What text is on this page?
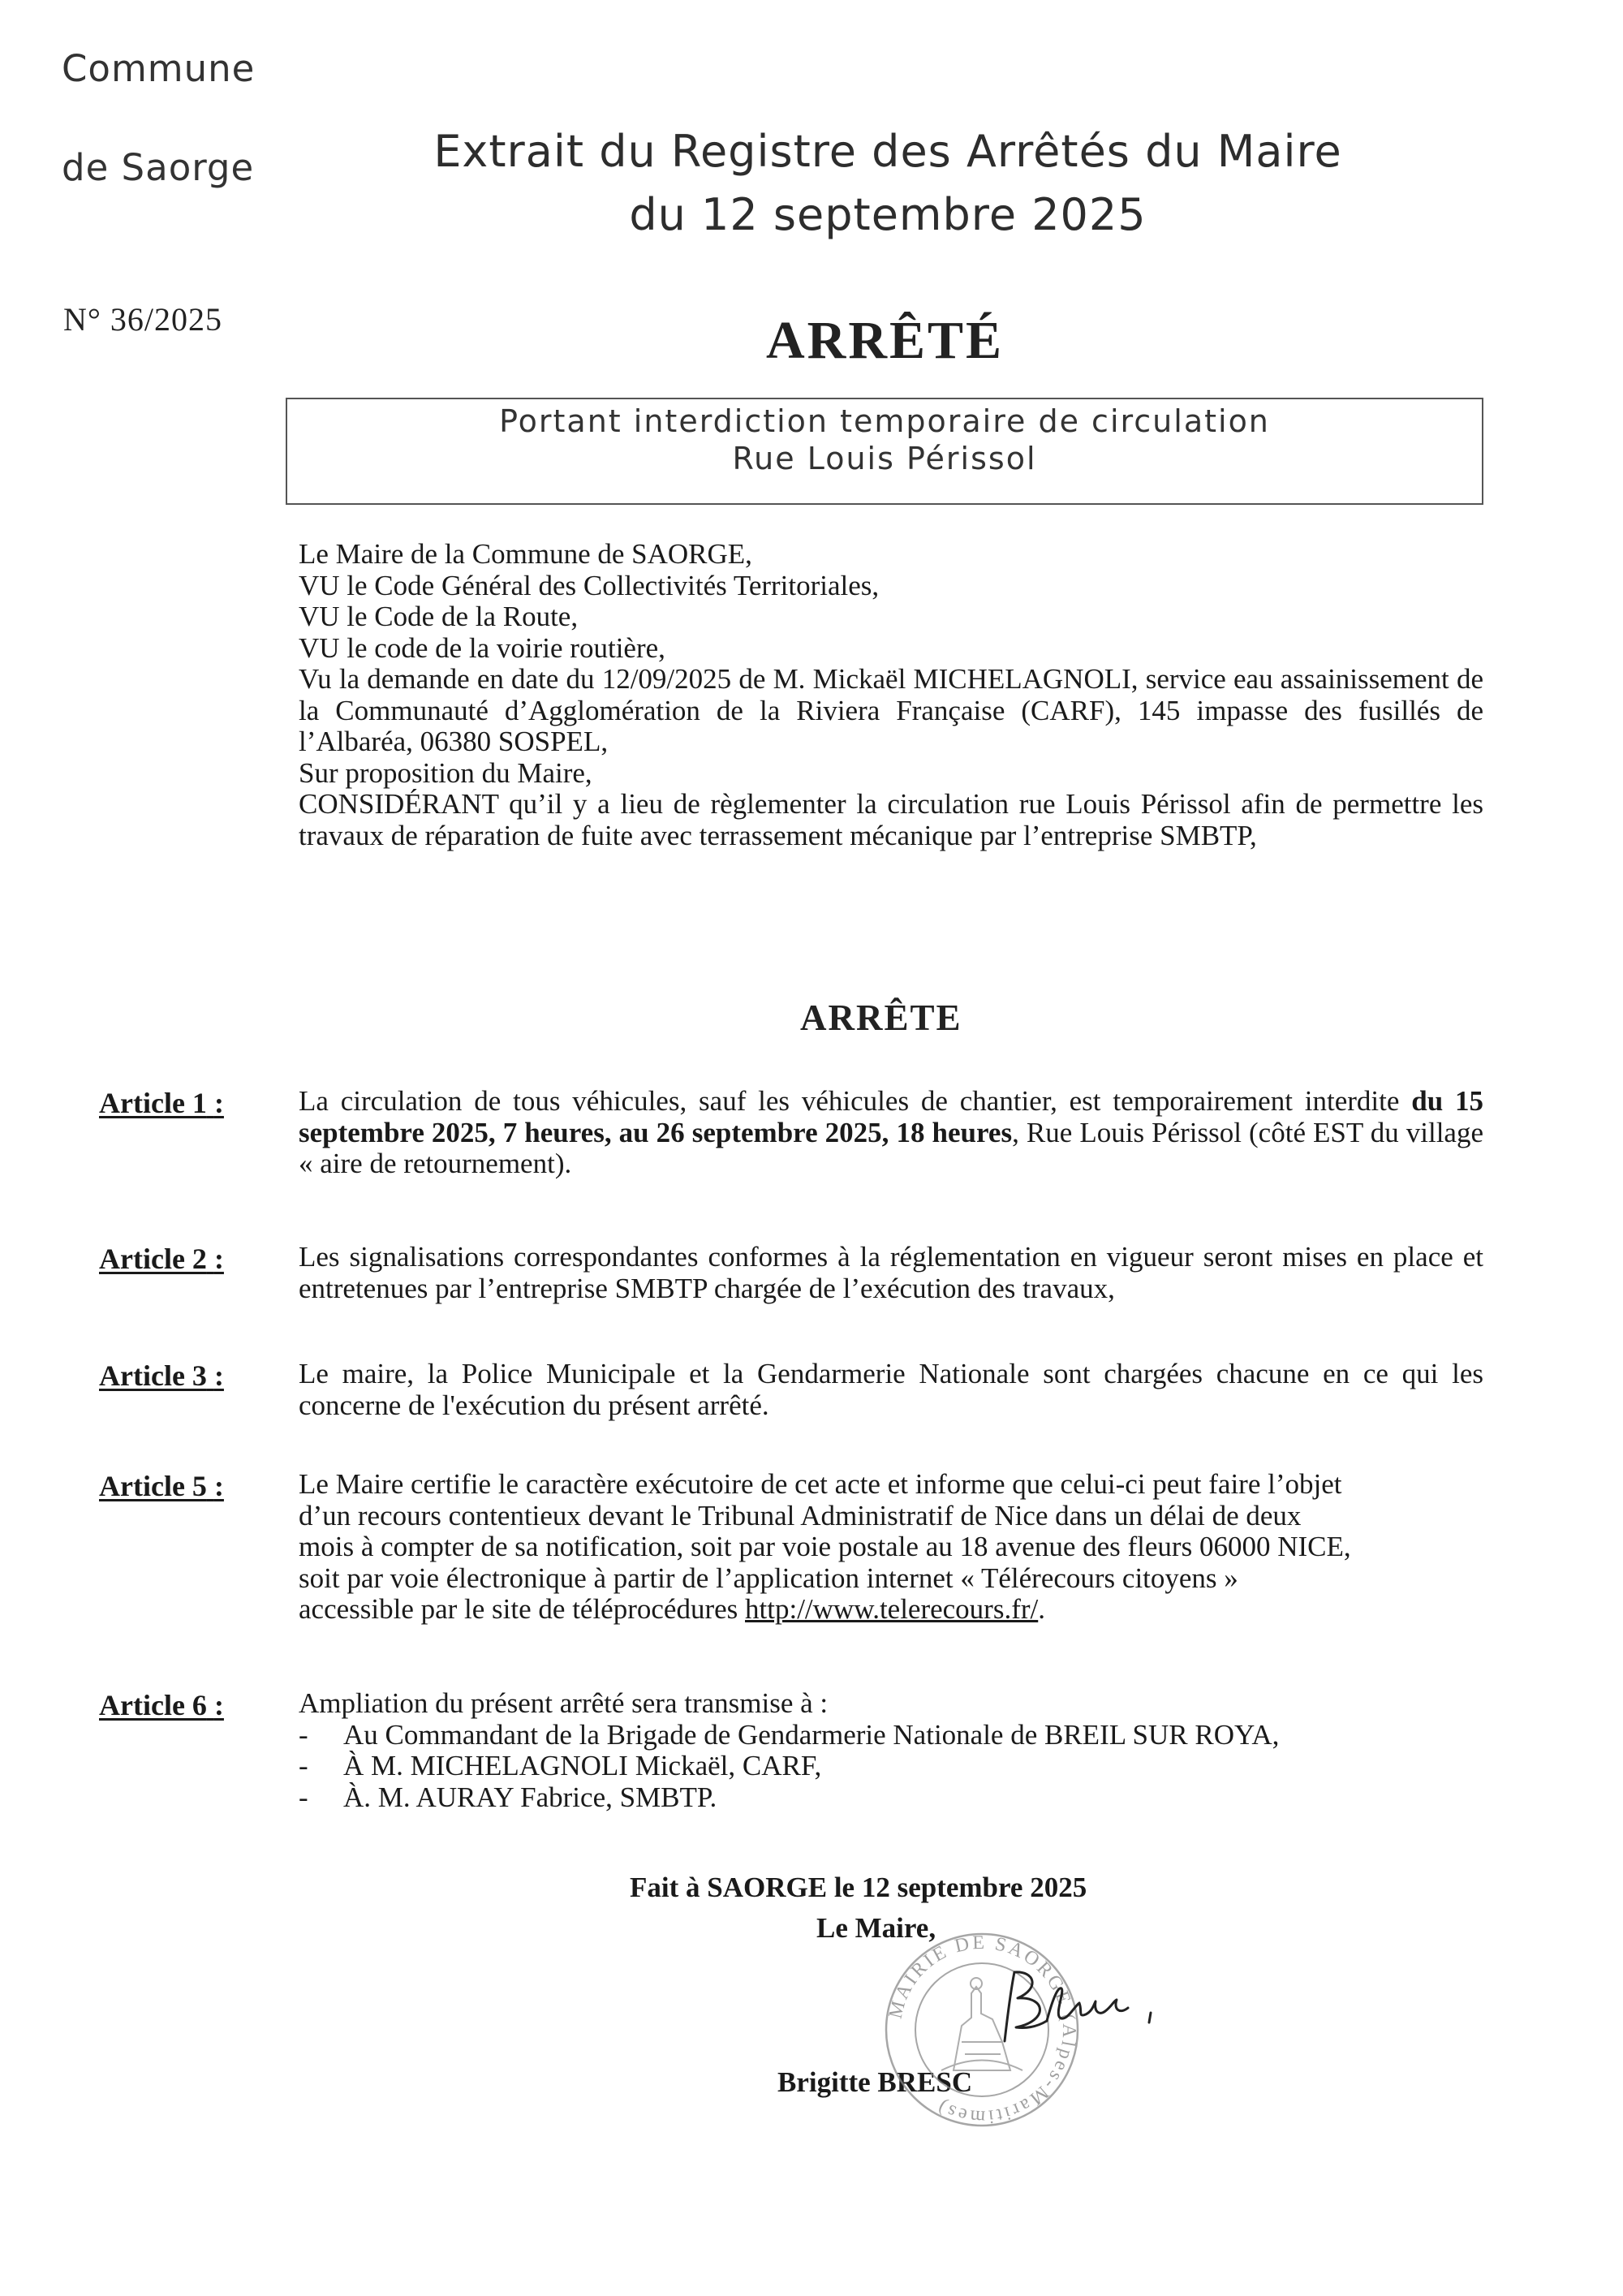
Commune
de Saorge	Extrait du Registre des Arrêtés du Maire
du 12 septembre 2025
N° 36/2025	ARRÊTÉ
Portant interdiction temporaire de circulation
Rue Louis Périssol

Le Maire de la Commune de SAORGE,

VU le Code Général des Collectivités Territoriales,

VU le Code de la Route,

VU le code de la voirie routière,

Vu la demande en date du 12/09/2025 de M. Mickaël MICHELAGNOLI, service eau assainissement de la Communauté d’Agglomération de la Riviera Française (CARF), 145 impasse des fusillés de l’Albaréa, 06380 SOSPEL,

Sur proposition du Maire,

CONSIDÉRANT qu’il y a lieu de règlementer la circulation rue Louis Périssol afin de permettre les travaux de réparation de fuite avec terrassement mécanique par l’entreprise SMBTP,

ARRÊTE
Article 1 :	La circulation de tous véhicules, sauf les véhicules de chantier, est temporairement interdite du 15 septembre 2025, 7 heures, au 26 septembre 2025, 18 heures, Rue Louis Périssol (côté EST du village « aire de retournement).
Article 2 :	Les signalisations correspondantes conformes à la réglementation en vigueur seront mises en place et entretenues par l’entreprise SMBTP chargée de l’exécution des travaux,
Article 3 :	Le maire, la Police Municipale et la Gendarmerie Nationale sont chargées chacune en ce qui les concerne de l'exécution du présent arrêté.
Article 5 :	Le Maire certifie le caractère exécutoire de cet acte et informe que celui-ci peut faire l’objet

d’un recours contentieux devant le Tribunal Administratif de Nice dans un délai de deux

mois à compter de sa notification, soit par voie postale au 18 avenue des fleurs 06000 NICE,

soit par voie électronique à partir de l’application internet « Télérecours citoyens »

accessible par le site de téléprocédures http://www.telerecours.fr/.

Article 6 :	Ampliation du présent arrêté sera transmise à :

-	Au Commandant de la Brigade de Gendarmerie Nationale de BREIL SUR ROYA,
-	À M. MICHELAGNOLI Mickaël, CARF,
-	À. M. AURAY Fabrice, SMBTP.
Fait à SAORGE le 12 septembre 2025
Le Maire,
Brigitte BRESC
MAIRIE DE SAORGE (Alpes-Maritimes)
